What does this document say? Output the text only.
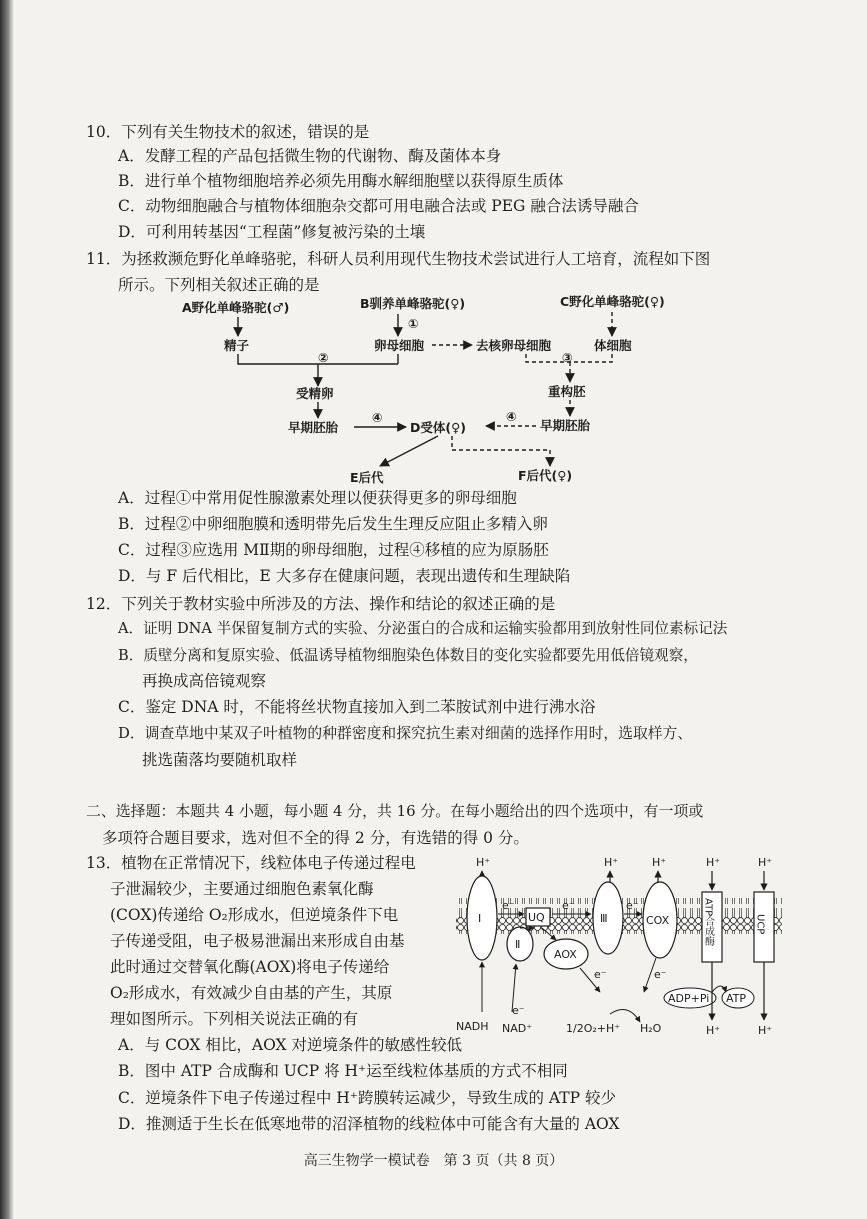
10．下列有关生物技术的叙述，错误的是
A．发酵工程的产品包括微生物的代谢物、酶及菌体本身
B．进行单个植物细胞培养必须先用酶水解细胞壁以获得原生质体
C．动物细胞融合与植物体细胞杂交都可用电融合法或 PEG 融合法诱导融合
D．可利用转基因“工程菌”修复被污染的土壤
11．为拯救濒危野化单峰骆驼，科研人员利用现代生物技术尝试进行人工培育，流程如下图
所示。下列相关叙述正确的是
A野化单峰骆驼(♂)	B驯养单峰骆驼(♀)	C野化单峰骆驼(♀)
精子
①
卵母细胞	去核卵母细胞	体细胞
②
受精卵
③
重构胚
早期胚胎	早期胚胎
④
D受体(♀)
④
E后代	F后代(♀)
A．过程①中常用促性腺激素处理以便获得更多的卵母细胞
B．过程②中卵细胞膜和透明带先后发生生理反应阻止多精入卵
C．过程③应选用 MⅡ期的卵母细胞，过程④移植的应为原肠胚
D．与 F 后代相比，E 大多存在健康问题，表现出遗传和生理缺陷
12．下列关于教材实验中所涉及的方法、操作和结论的叙述正确的是
A．证明 DNA 半保留复制方式的实验、分泌蛋白的合成和运输实验都用到放射性同位素标记法
B．质壁分离和复原实验、低温诱导植物细胞染色体数目的变化实验都要先用低倍镜观察，
再换成高倍镜观察
C．鉴定 DNA 时，不能将丝状物直接加入到二苯胺试剂中进行沸水浴
D．调查草地中某双子叶植物的种群密度和探究抗生素对细菌的选择作用时，选取样方、
挑选菌落均要随机取样
二、选择题：本题共 4 小题，每小题 4 分，共 16 分。在每小题给出的四个选项中，有一项或
多项符合题目要求，选对但不全的得 2 分，有选错的得 0 分。
13．植物在正常情况下，线粒体电子传递过程电
子泄漏较少，主要通过细胞色素氧化酶
(COX)传递给 O₂形成水，但逆境条件下电
子传递受阻，电子极易泄漏出来形成自由基
此时通过交替氧化酶(AOX)将电子传递给
O₂形成水，有效减少自由基的产生，其原
理如图所示。下列相关说法正确的有
H⁺	H⁺	H⁺	H⁺	H⁺
Ⅰ
Ⅱ
UQ	Ⅲ	COX
AOX
ATP合成酶	UCP
e⁻	e⁻	e⁻
e⁻	e⁻
NADH
e⁻
NAD⁺	1/2O₂+H⁺ H₂O
ADP+Pi ATP
H⁺	H⁺
A．与 COX 相比，AOX 对逆境条件的敏感性较低
B．图中 ATP 合成酶和 UCP 将 H⁺运至线粒体基质的方式不相同
C．逆境条件下电子传递过程中 H⁺跨膜转运减少，导致生成的 ATP 较少
D．推测适于生长在低寒地带的沼泽植物的线粒体中可能含有大量的 AOX
高三生物学一模试卷　第 3 页（共 8 页）
